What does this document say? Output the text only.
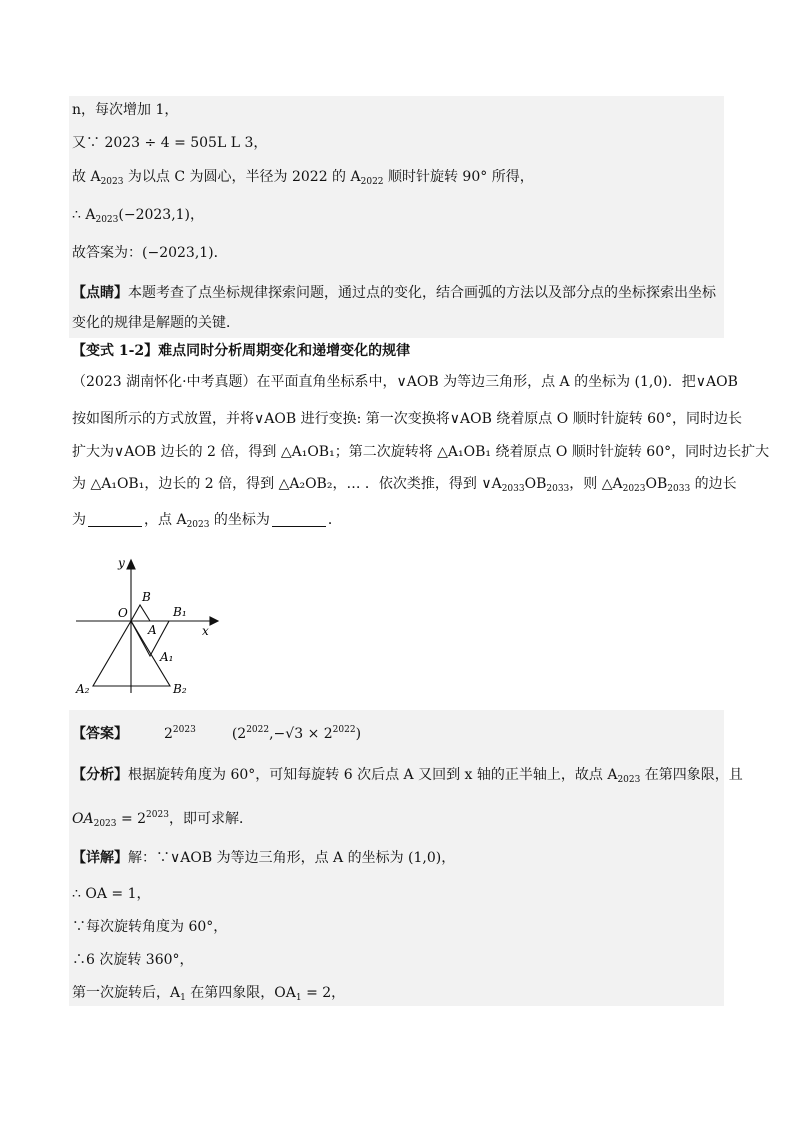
n，每次增加 1，
又∵ 2023 ÷ 4 = 505L L 3，
故 $A_{2023}$ 为以点 C 为圆心，半径为 2022 的 $A_{2022}$ 顺时针旋转 90° 所得，
∴ $A_{2023}(-2023,1)$，
故答案为：(−2023,1)．
【点睛】本题考查了点坐标规律探索问题，通过点的变化，结合画弧的方法以及部分点的坐标探索出坐标
变化的规律是解题的关键．
【变式 1-2】难点同时分析周期变化和递增变化的规律
（2023 湖南怀化·中考真题）在平面直角坐标系中，∨AOB 为等边三角形，点 A 的坐标为 (1,0)．把∨AOB
按如图所示的方式放置，并将∨AOB 进行变换: 第一次变换将∨AOB 绕着原点 O 顺时针旋转 60°，同时边长
扩大为∨AOB 边长的 2 倍，得到 △A₁OB₁；第二次旋转将 △A₁OB₁ 绕着原点 O 顺时针旋转 60°，同时边长扩大
为 △A₁OB₁，边长的 2 倍，得到 △A₂OB₂，… ．依次类推，得到 $\vee A_{2033}OB_{2033}$，则 $\triangle A_{2023}OB_{2033}$ 的边长
为	，点 $A_{2023}$ 的坐标为	．
y
x
O
B
B₁
A
A₁
A₂	B₂
【答案】	$2^{2023}$	$(2^{2022},-√3 \times 2^{2022})$
【分析】根据旋转角度为 60°，可知每旋转 6 次后点 A 又回到 x 轴的正半轴上，故点 $A_{2023}$ 在第四象限，且
$OA_{2023} = 2^{2023}$，即可求解．
【详解】解：∵∨AOB 为等边三角形，点 A 的坐标为 (1,0)，
∴ OA = 1，
∵每次旋转角度为 60°，
∴6 次旋转 360°，
第一次旋转后，$A_1$ 在第四象限，$OA_1 = 2$，
